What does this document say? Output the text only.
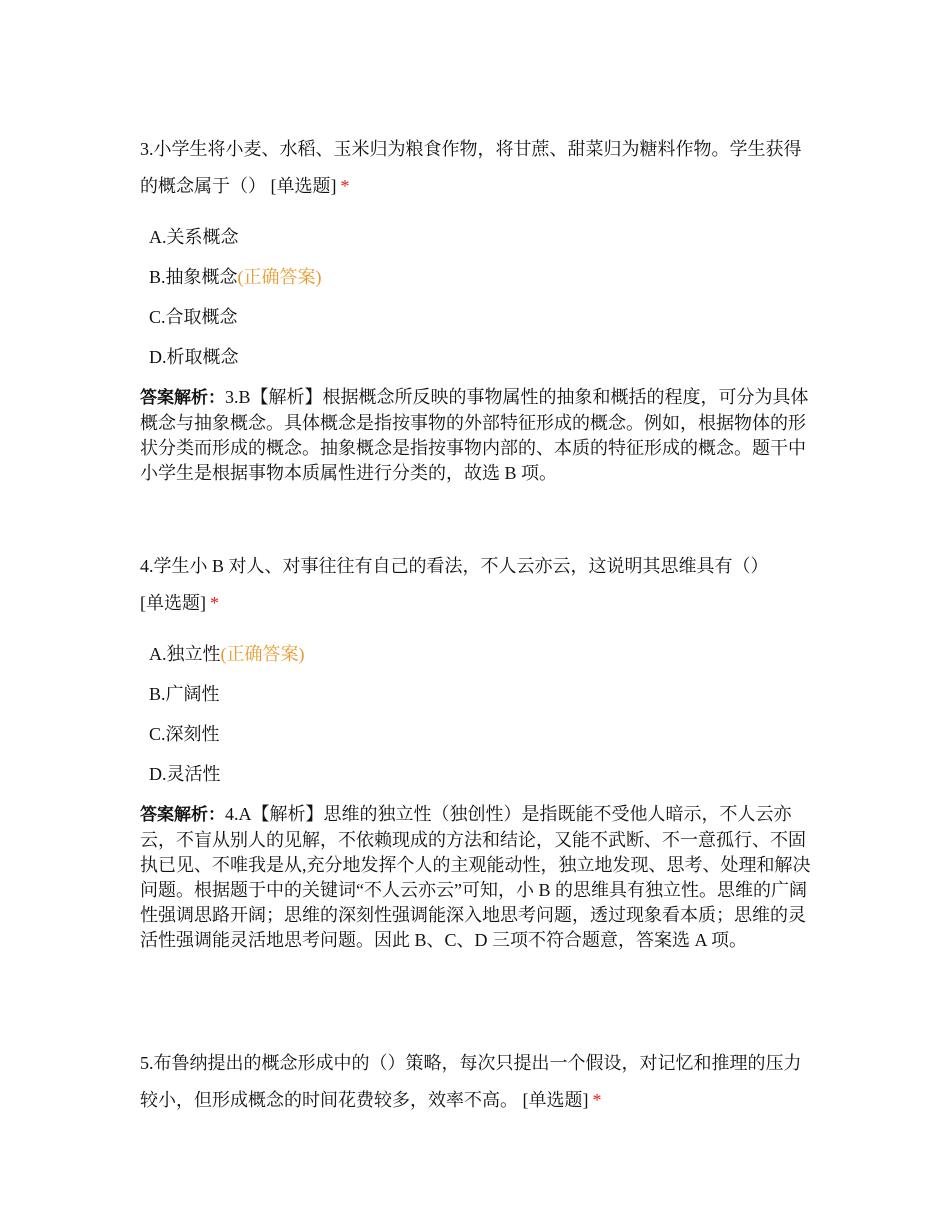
3.小学生将小麦、水稻、玉米归为粮食作物，将甘蔗、甜菜归为糖料作物。学生获得的概念属于（） [单选题] *

A.关系概念
B.抽象概念(正确答案)
C.合取概念
D.析取概念

答案解析：3.B【解析】根据概念所反映的事物属性的抽象和概括的程度，可分为具体概念与抽象概念。具体概念是指按事物的外部特征形成的概念。例如，根据物体的形状分类而形成的概念。抽象概念是指按事物内部的、本质的特征形成的概念。题干中小学生是根据事物本质属性进行分类的，故选 B 项。

4.学生小 B 对人、对事往往有自己的看法，不人云亦云，这说明其思维具有（） [单选题] *

A.独立性(正确答案)
B.广阔性
C.深刻性
D.灵活性

答案解析：4.A【解析】思维的独立性（独创性）是指既能不受他人暗示，不人云亦云，不盲从别人的见解，不依赖现成的方法和结论，又能不武断、不一意孤行、不固执已见、不唯我是从,充分地发挥个人的主观能动性，独立地发现、思考、处理和解决问题。根据题于中的关键词“不人云亦云”可知，小 B 的思维具有独立性。思维的广阔性强调思路开阔；思维的深刻性强调能深入地思考问题，透过现象看本质；思维的灵活性强调能灵活地思考问题。因此 B、C、D 三项不符合题意，答案选 A 项。

5.布鲁纳提出的概念形成中的（）策略，每次只提出一个假设，对记忆和推理的压力较小，但形成概念的时间花费较多，效率不高。 [单选题] *
